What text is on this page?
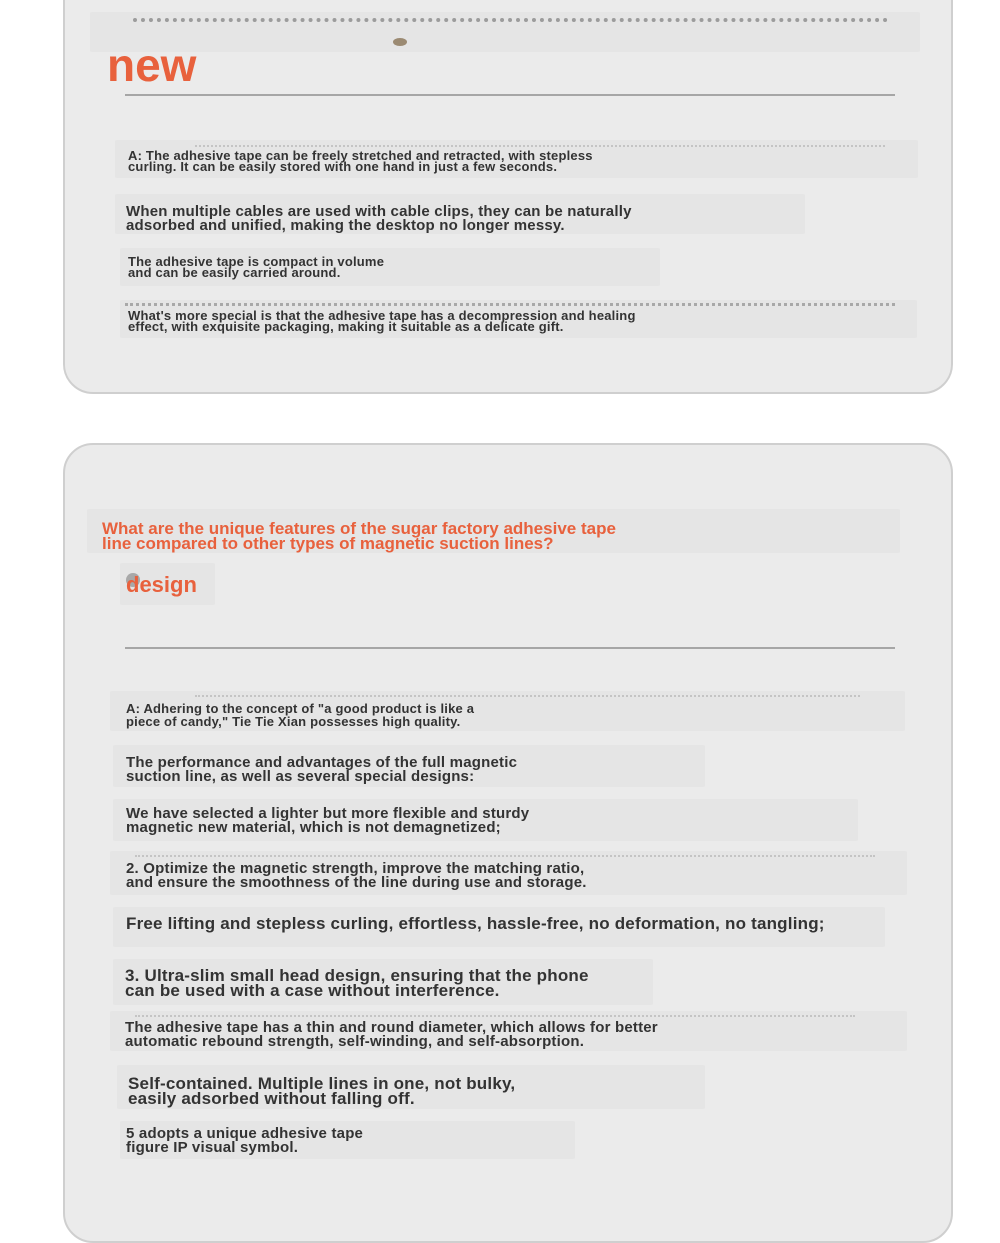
new
A: The adhesive tape can be freely stretched and retracted, with stepless
curling. It can be easily stored with one hand in just a few seconds.
When multiple cables are used with cable clips, they can be naturally
adsorbed and unified, making the desktop no longer messy.
The adhesive tape is compact in volume
and can be easily carried around.
What's more special is that the adhesive tape has a decompression and healing
effect, with exquisite packaging, making it suitable as a delicate gift.
What are the unique features of the sugar factory adhesive tape
line compared to other types of magnetic suction lines?
design
A: Adhering to the concept of "a good product is like a
piece of candy," Tie Tie Xian possesses high quality.
The performance and advantages of the full magnetic
suction line, as well as several special designs:
We have selected a lighter but more flexible and sturdy
magnetic new material, which is not demagnetized;
2. Optimize the magnetic strength, improve the matching ratio,
and ensure the smoothness of the line during use and storage.
Free lifting and stepless curling, effortless, hassle-free, no deformation, no tangling;
3. Ultra-slim small head design, ensuring that the phone
can be used with a case without interference.
The adhesive tape has a thin and round diameter, which allows for better
automatic rebound strength, self-winding, and self-absorption.
Self-contained. Multiple lines in one, not bulky,
easily adsorbed without falling off.
5 adopts a unique adhesive tape
figure IP visual symbol.
